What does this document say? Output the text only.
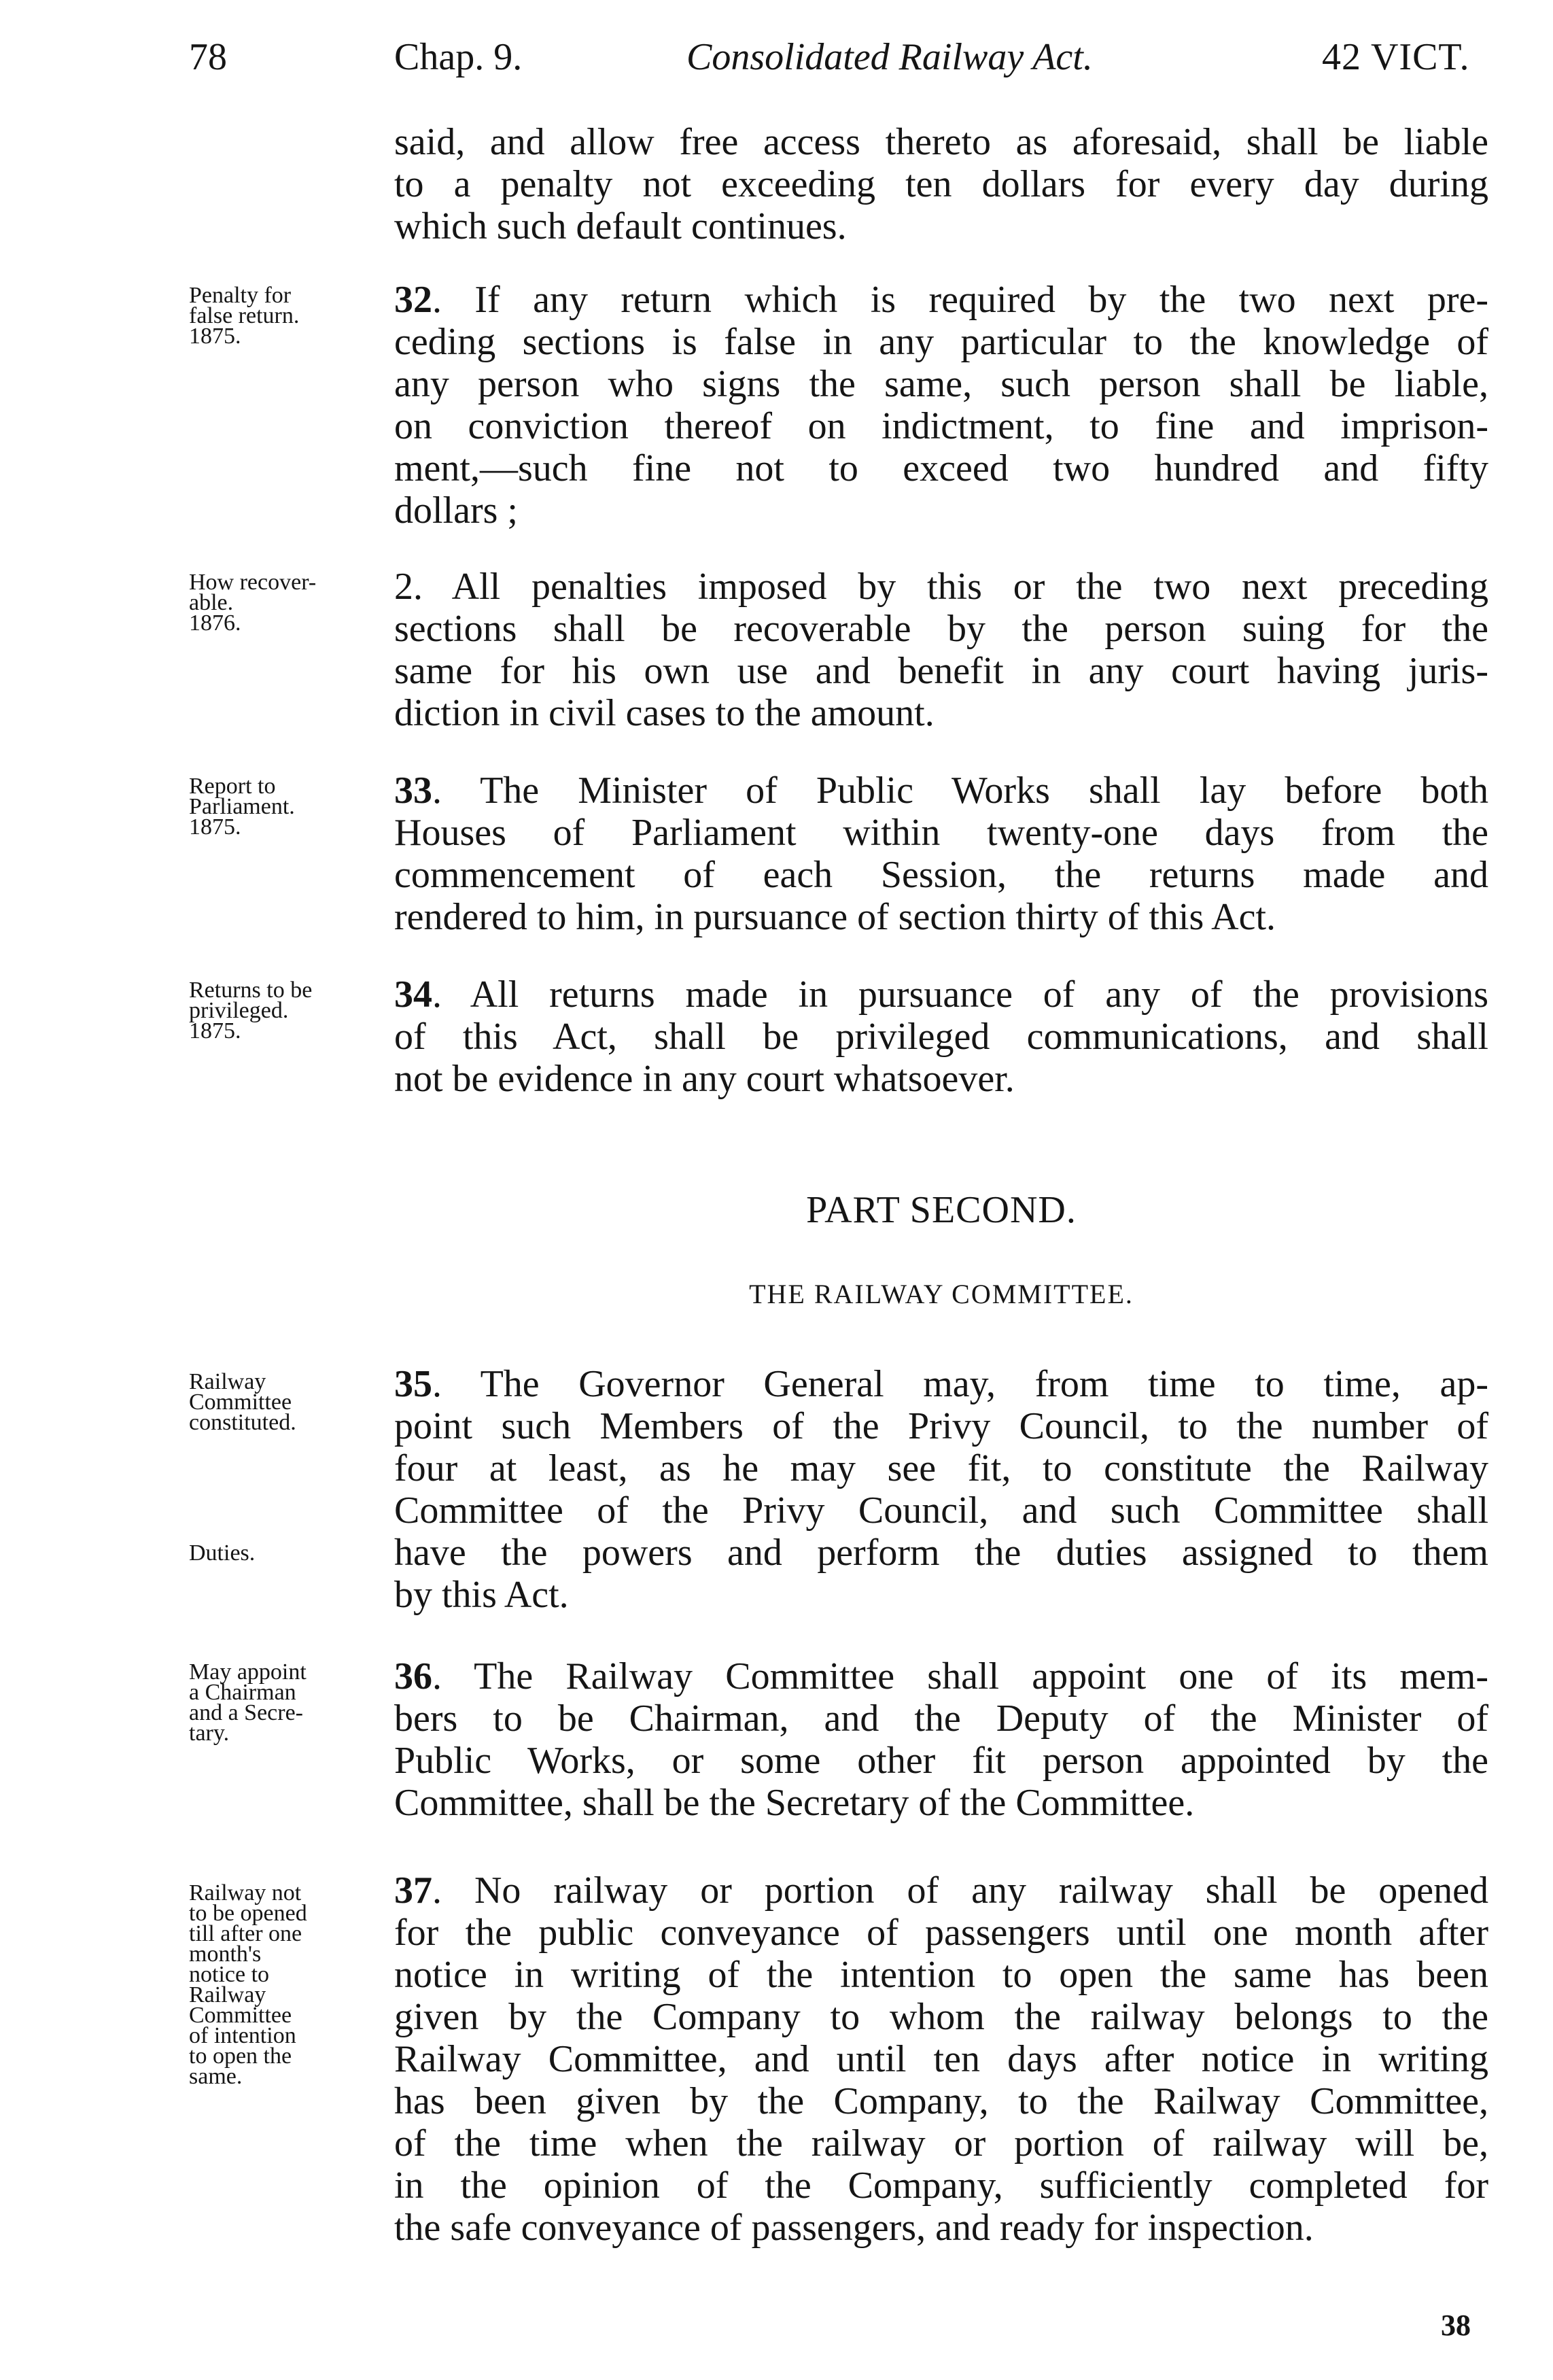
78	Chap. 9.	Consolidated Railway Act.	42 VICT.
said, and allow free access thereto as aforesaid, shall be liable
to a penalty not exceeding ten dollars for every day during
which such default continues.
32. If any return which is required by the two next pre-
ceding sections is false in any particular to the knowledge of
any person who signs the same, such person shall be liable,
on conviction thereof on indictment, to fine and imprison-
ment,—such fine not to exceed two hundred and fifty
dollars ;
2. All penalties imposed by this or the two next preceding
sections shall be recoverable by the person suing for the
same for his own use and benefit in any court having juris-
diction in civil cases to the amount.
33. The Minister of Public Works shall lay before both
Houses of Parliament within twenty-one days from the
commencement of each Session, the returns made and
rendered to him, in pursuance of section thirty of this Act.
34. All returns made in pursuance of any of the provisions
of this Act, shall be privileged communications, and shall
not be evidence in any court whatsoever.
PART SECOND.
THE RAILWAY COMMITTEE.
35. The Governor General may, from time to time, ap-
point such Members of the Privy Council, to the number of
four at least, as he may see fit, to constitute the Railway
Committee of the Privy Council, and such Committee shall
have the powers and perform the duties assigned to them
by this Act.
36. The Railway Committee shall appoint one of its mem-
bers to be Chairman, and the Deputy of the Minister of
Public Works, or some other fit person appointed by the
Committee, shall be the Secretary of the Committee.
37. No railway or portion of any railway shall be opened
for the public conveyance of passengers until one month after
notice in writing of the intention to open the same has been
given by the Company to whom the railway belongs to the
Railway Committee, and until ten days after notice in writing
has been given by the Company, to the Railway Committee,
of the time when the railway or portion of railway will be,
in the opinion of the Company, sufficiently completed for
the safe conveyance of passengers, and ready for inspection.
38
Penalty for
false return.
1875.
How recover-
able.
1876.
Report to
Parliament.
1875.
Returns to be
privileged.
1875.
Railway
Committee
constituted.
Duties.
May appoint
a Chairman
and a Secre-
tary.
Railway not
to be opened
till after one
month's
notice to
Railway
Committee
of intention
to open the
same.
